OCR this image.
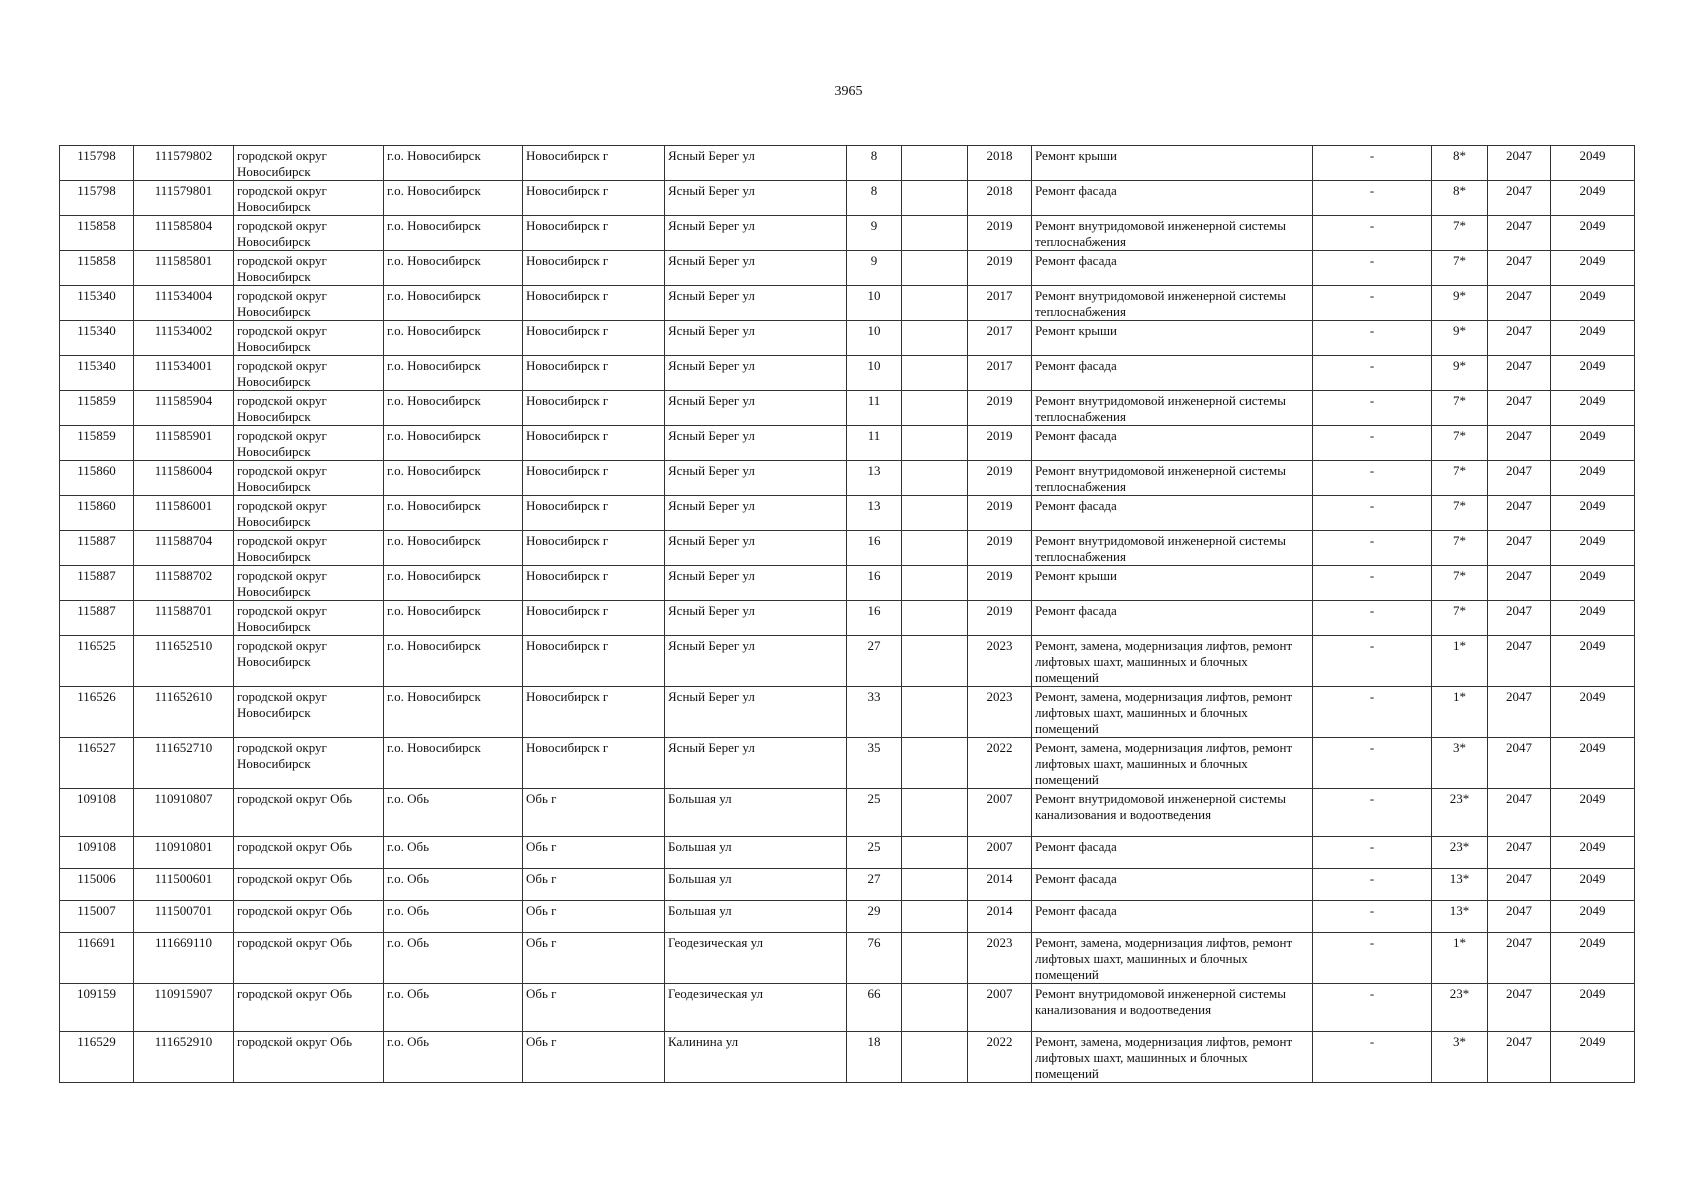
3965
115798	111579802	городской округ Новосибирск	г.о. Новосибирск	Новосибирск г	Ясный Берег ул	8		2018	Ремонт крыши	-	8*	2047	2049
115798	111579801	городской округ Новосибирск	г.о. Новосибирск	Новосибирск г	Ясный Берег ул	8		2018	Ремонт фасада	-	8*	2047	2049
115858	111585804	городской округ Новосибирск	г.о. Новосибирск	Новосибирск г	Ясный Берег ул	9		2019	Ремонт внутридомовой инженерной системы теплоснабжения	-	7*	2047	2049
115858	111585801	городской округ Новосибирск	г.о. Новосибирск	Новосибирск г	Ясный Берег ул	9		2019	Ремонт фасада	-	7*	2047	2049
115340	111534004	городской округ Новосибирск	г.о. Новосибирск	Новосибирск г	Ясный Берег ул	10		2017	Ремонт внутридомовой инженерной системы теплоснабжения	-	9*	2047	2049
115340	111534002	городской округ Новосибирск	г.о. Новосибирск	Новосибирск г	Ясный Берег ул	10		2017	Ремонт крыши	-	9*	2047	2049
115340	111534001	городской округ Новосибирск	г.о. Новосибирск	Новосибирск г	Ясный Берег ул	10		2017	Ремонт фасада	-	9*	2047	2049
115859	111585904	городской округ Новосибирск	г.о. Новосибирск	Новосибирск г	Ясный Берег ул	11		2019	Ремонт внутридомовой инженерной системы теплоснабжения	-	7*	2047	2049
115859	111585901	городской округ Новосибирск	г.о. Новосибирск	Новосибирск г	Ясный Берег ул	11		2019	Ремонт фасада	-	7*	2047	2049
115860	111586004	городской округ Новосибирск	г.о. Новосибирск	Новосибирск г	Ясный Берег ул	13		2019	Ремонт внутридомовой инженерной системы теплоснабжения	-	7*	2047	2049
115860	111586001	городской округ Новосибирск	г.о. Новосибирск	Новосибирск г	Ясный Берег ул	13		2019	Ремонт фасада	-	7*	2047	2049
115887	111588704	городской округ Новосибирск	г.о. Новосибирск	Новосибирск г	Ясный Берег ул	16		2019	Ремонт внутридомовой инженерной системы теплоснабжения	-	7*	2047	2049
115887	111588702	городской округ Новосибирск	г.о. Новосибирск	Новосибирск г	Ясный Берег ул	16		2019	Ремонт крыши	-	7*	2047	2049
115887	111588701	городской округ Новосибирск	г.о. Новосибирск	Новосибирск г	Ясный Берег ул	16		2019	Ремонт фасада	-	7*	2047	2049
116525	111652510	городской округ Новосибирск	г.о. Новосибирск	Новосибирск г	Ясный Берег ул	27		2023	Ремонт, замена, модернизация лифтов, ремонт лифтовых шахт, машинных и блочных помещений	-	1*	2047	2049
116526	111652610	городской округ Новосибирск	г.о. Новосибирск	Новосибирск г	Ясный Берег ул	33		2023	Ремонт, замена, модернизация лифтов, ремонт лифтовых шахт, машинных и блочных помещений	-	1*	2047	2049
116527	111652710	городской округ Новосибирск	г.о. Новосибирск	Новосибирск г	Ясный Берег ул	35		2022	Ремонт, замена, модернизация лифтов, ремонт лифтовых шахт, машинных и блочных помещений	-	3*	2047	2049
109108	110910807	городской округ Обь	г.о. Обь	Обь г	Большая ул	25		2007	Ремонт внутридомовой инженерной системы канализования и водоотведения	-	23*	2047	2049
109108	110910801	городской округ Обь	г.о. Обь	Обь г	Большая ул	25		2007	Ремонт фасада	-	23*	2047	2049
115006	111500601	городской округ Обь	г.о. Обь	Обь г	Большая ул	27		2014	Ремонт фасада	-	13*	2047	2049
115007	111500701	городской округ Обь	г.о. Обь	Обь г	Большая ул	29		2014	Ремонт фасада	-	13*	2047	2049
116691	111669110	городской округ Обь	г.о. Обь	Обь г	Геодезическая ул	76		2023	Ремонт, замена, модернизация лифтов, ремонт лифтовых шахт, машинных и блочных помещений	-	1*	2047	2049
109159	110915907	городской округ Обь	г.о. Обь	Обь г	Геодезическая ул	66		2007	Ремонт внутридомовой инженерной системы канализования и водоотведения	-	23*	2047	2049
116529	111652910	городской округ Обь	г.о. Обь	Обь г	Калинина ул	18		2022	Ремонт, замена, модернизация лифтов, ремонт лифтовых шахт, машинных и блочных помещений	-	3*	2047	2049
